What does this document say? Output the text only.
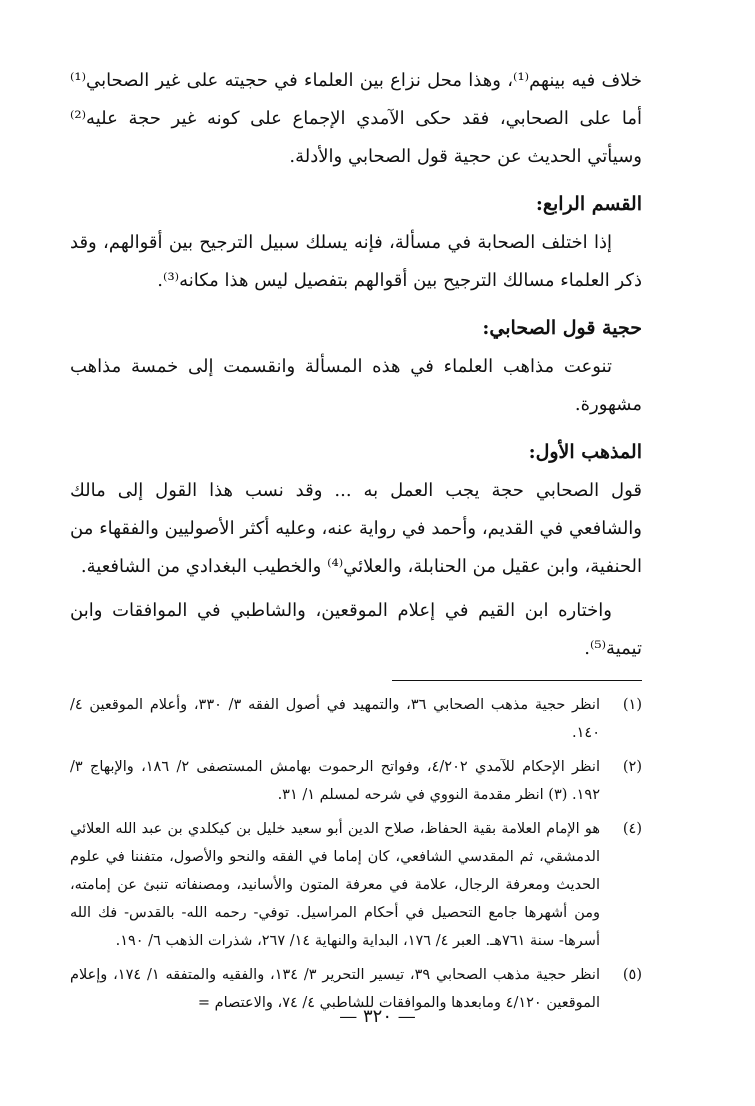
خلاف فيه بينهم⁽¹⁾، وهذا محل نزاع بين العلماء في حجيته على غير الصحابي⁽¹⁾ أما على الصحابي، فقد حكى الآمدي الإجماع على كونه غير حجة عليه⁽²⁾ وسيأتي الحديث عن حجية قول الصحابي والأدلة.

القسم الرابع:

إذا اختلف الصحابة في مسألة، فإنه يسلك سبيل الترجيح بين أقوالهم، وقد ذكر العلماء مسالك الترجيح بين أقوالهم بتفصيل ليس هذا مكانه⁽³⁾.

حجية قول الصحابي:

تنوعت مذاهب العلماء في هذه المسألة وانقسمت إلى خمسة مذاهب مشهورة.

المذهب الأول:

قول الصحابي حجة يجب العمل به ... وقد نسب هذا القول إلى مالك والشافعي في القديم، وأحمد في رواية عنه، وعليه أكثر الأصوليين والفقهاء من الحنفية، وابن عقيل من الحنابلة، والعلائي⁽⁴⁾ والخطيب البغدادي من الشافعية.

واختاره ابن القيم في إعلام الموقعين، والشاطبي في الموافقات وابن تيمية⁽⁵⁾.

(١)
انظر حجية مذهب الصحابي ٣٦، والتمهيد في أصول الفقه ٣/ ٣٣٠، وأعلام الموقعين ٤/ ١٤٠.
(٢)
انظر الإحكام للآمدي ٤/٢٠٢، وفواتح الرحموت بهامش المستصفى ٢/ ١٨٦، والإبهاج ٣/ ١٩٢. (٣) انظر مقدمة النووي في شرحه لمسلم ١/ ٣١.
(٤)
هو الإمام العلامة بقية الحفاظ، صلاح الدين أبو سعيد خليل بن كيكلدي بن عبد الله العلائي الدمشقي، ثم المقدسي الشافعي، كان إماما في الفقه والنحو والأصول، متفننا في علوم الحديث ومعرفة الرجال، علامة في معرفة المتون والأسانيد، ومصنفاته تنبئ عن إمامته، ومن أشهرها جامع التحصيل في أحكام المراسيل. توفي- رحمه الله- بالقدس- فك الله أسرها- سنة ٧٦١هـ. العبر ٤/ ١٧٦، البداية والنهاية ١٤/ ٢٦٧، شذرات الذهب ٦/ ١٩٠.
(٥)
انظر حجية مذهب الصحابي ٣٩، تيسير التحرير ٣/ ١٣٤، والفقيه والمتفقه ١/ ١٧٤، وإعلام الموقعين ٤/١٢٠ ومابعدها والموافقات للشاطبي ٤/ ٧٤، والاعتصام =
— ٣٢٠ —
